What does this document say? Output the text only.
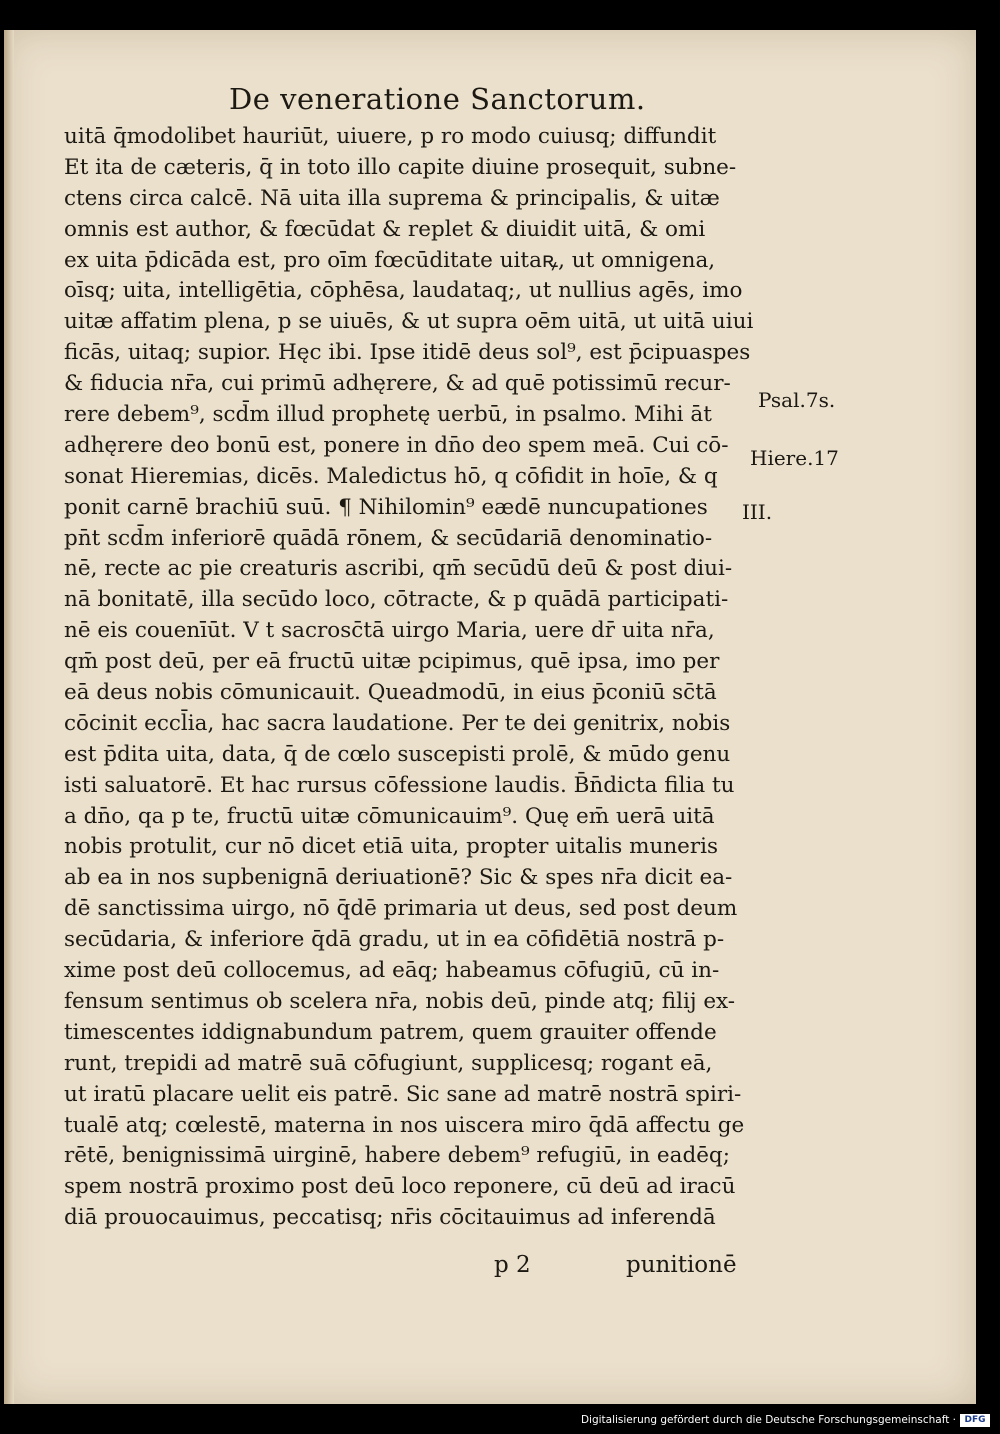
De veneratione Sanctorum.
uitā q̄modolibet hauriūt, uiuere, p ro modo cuiusq; diffundit
Et ita de cæteris, q̄ in toto illo capite diuine prosequit, subne-
ctens circa calcē. Nā uita illa suprema & principalis, & uitæ
omnis est author, & fœcūdat & replet & diuidit uitā, & omi
ex uita p̄dicāda est, pro oīm fœcūditate uitaꝶ, ut omnigena,
oīsq; uita, intelligētia, cōphēsa, laudataq;, ut nullius agēs, imo
uitæ affatim plena, p se uiuēs, & ut supra oēm uitā, ut uitā uiui
ficās, uitaq; supior. Hęc ibi. Ipse itidē deus sol⁹, est p̄cipuaspes
& fiducia nr̄a, cui primū adhęrere, & ad quē potissimū recur-
rere debem⁹, scd̄m illud prophetę uerbū, in psalmo. Mihi āt
adhęrere deo bonū est, ponere in dn̄o deo spem meā. Cui cō-
sonat Hieremias, dicēs. Maledictus hō, q cōfidit in hoīe, & q
ponit carnē brachiū suū. ¶ Nihilomin⁹ eædē nuncupationes
pn̄t scd̄m inferiorē quādā rōnem, & secūdariā denominatio-
nē, recte ac pie creaturis ascribi, qm̄ secūdū deū & post diui-
nā bonitatē, illa secūdo loco, cōtracte, & p quādā participati-
nē eis couenīūt. V t sacrosc̄tā uirgo Maria, uere dr̄ uita nr̄a,
qm̄ post deū, per eā fructū uitæ pcipimus, quē ipsa, imo per
eā deus nobis cōmunicauit. Queadmodū, in eius p̄coniū sc̄tā
cōcinit eccl̄ia, hac sacra laudatione. Per te dei genitrix, nobis
est p̄dita uita, data, q̄ de cœlo suscepisti prolē, & mūdo genu
isti saluatorē. Et hac rursus cōfessione laudis. B̄n̄dicta filia tu
a dn̄o, qa p te, fructū uitæ cōmunicauim⁹. Quę em̄ uerā uitā
nobis protulit, cur nō dicet etiā uita, propter uitalis muneris
ab ea in nos supbenignā deriuationē? Sic & spes nr̄a dicit ea-
dē sanctissima uirgo, nō q̄dē primaria ut deus, sed post deum
secūdaria, & inferiore q̄dā gradu, ut in ea cōfidētiā nostrā p-
xime post deū collocemus, ad eāq; habeamus cōfugiū, cū in-
fensum sentimus ob scelera nr̄a, nobis deū, pinde atq; filij ex-
timescentes iddignabundum patrem, quem grauiter offende
runt, trepidi ad matrē suā cōfugiunt, supplicesq; rogant eā,
ut iratū placare uelit eis patrē. Sic sane ad matrē nostrā spiri-
tualē atq; cœlestē, materna in nos uiscera miro q̄dā affectu ge
rētē, benignissimā uirginē, habere debem⁹ refugiū, in eadēq;
spem nostrā proximo post deū loco reponere, cū deū ad iracū
diā prouocauimus, peccatisq; nr̄is cōcitauimus ad inferendā
Psal.7s.
Hiere.17
III.
p 2	punitionē
Digitalisierung gefördert durch die Deutsche Forschungsgemeinschaft · DFG
